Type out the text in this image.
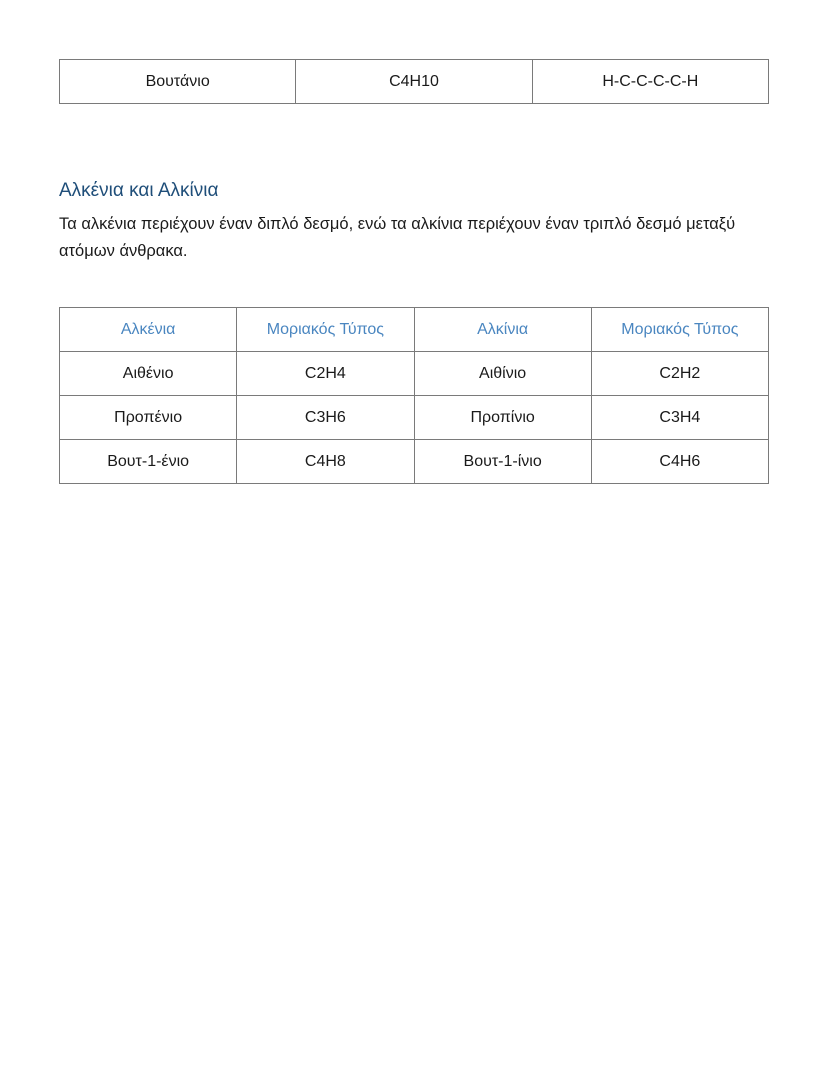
Βουτάνιο	C4H10	H-C-C-C-C-H
Αλκένια και Αλκίνια

Τα αλκένια περιέχουν έναν διπλό δεσμό, ενώ τα αλκίνια περιέχουν έναν τριπλό δεσμό μεταξύ ατόμων άνθρακα.

Αλκένια	Μοριακός Τύπος	Αλκίνια	Μοριακός Τύπος
Αιθένιο	C2H4	Αιθίνιο	C2H2
Προπένιο	C3H6	Προπίνιο	C3H4
Βουτ-1-ένιο	C4H8	Βουτ-1-ίνιο	C4H6
